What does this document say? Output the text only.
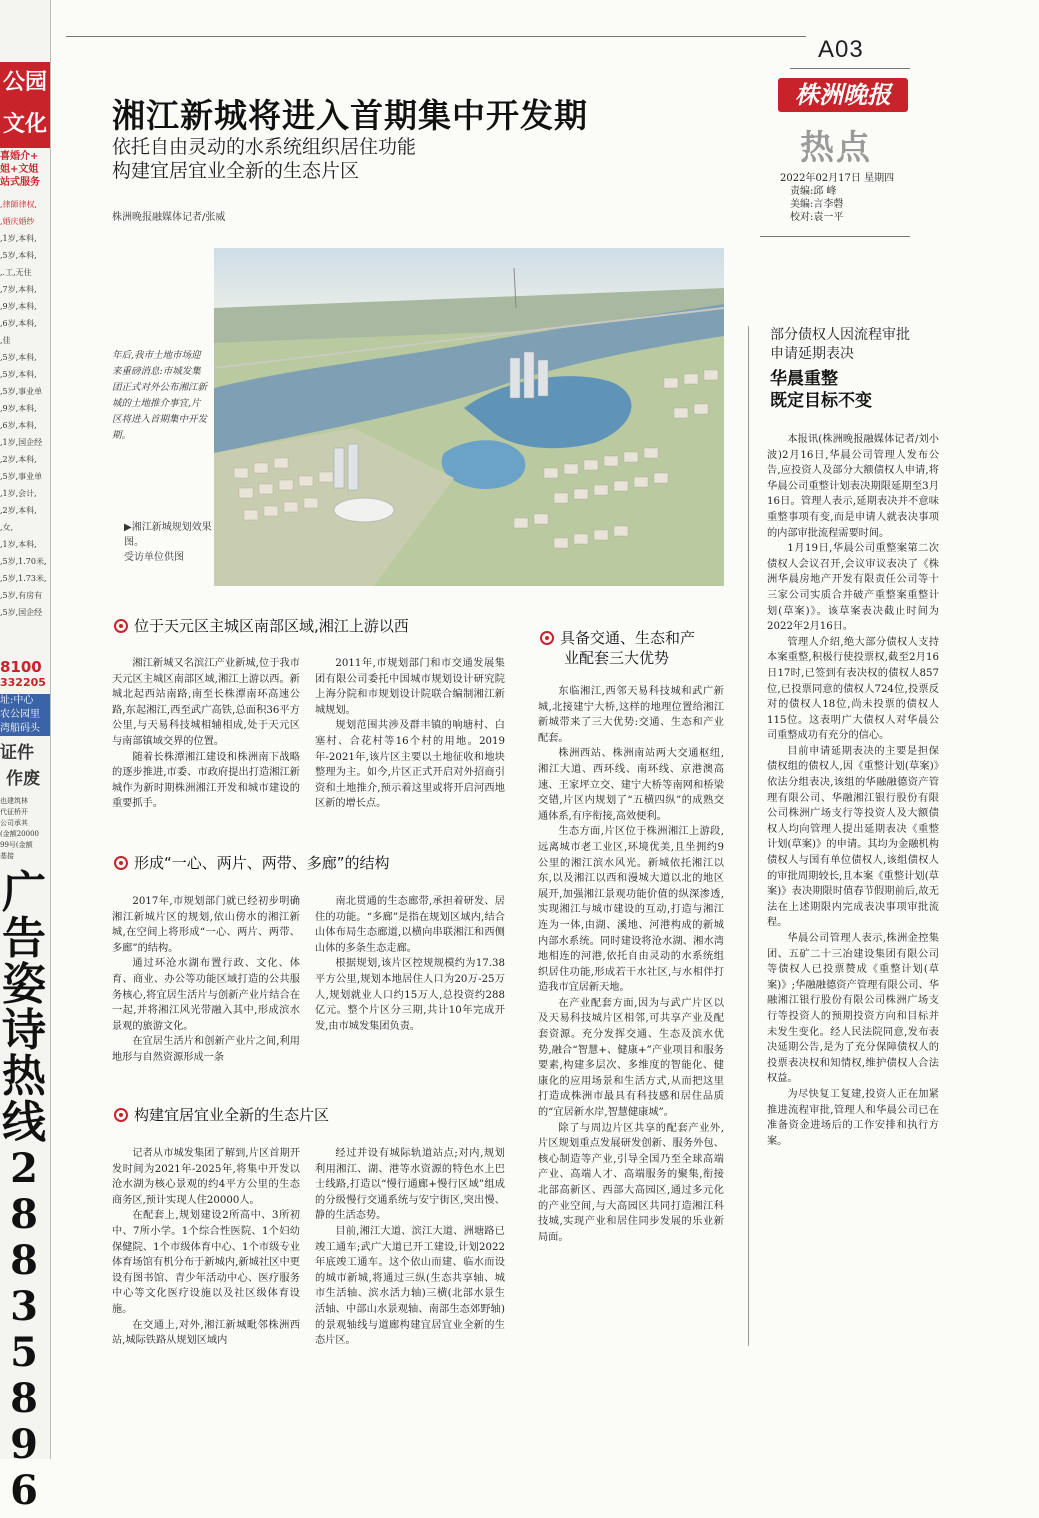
公园文化
喜婚介+
姐+文姐
站式服务
8100
332205
址:中心
农公园里
湾船码头
证件
作废
,律師律权,
,婚庆婚纱
,1岁,本科,
,5岁,本科,
,.工,无住
,7岁,本科,
,9岁,本科,
,6岁,本科,
,佳
,5岁,本科,
,5岁,本科,
,5岁,事业单
,9岁,本科,
,6岁,本科,
,1岁,国企经
,2岁,本科,
,5岁,事业单
,1岁,会计,
,2岁,本科,
,女,
,1岁,本科,
,5岁,1.70米,
,5岁,1.73米,
,5岁,有房有
,5岁,国企经
也建筑林
代征桥开
公司承其
(金额20000
99号(金额
基接
广
告
姿
诗
热
线
2
8
8
3
5
8
9
6
A03
株洲晚报
热点
2022年02月17日 星期四
责编:邱 峰
美编:言李磬
校对:袁一平
湘江新城将进入首期集中开发期
依托自由灵动的水系统组织居住功能
构建宜居宜业全新的生态片区
株洲晚报融媒体记者/张威
年后,我市土地市场迎来重磅消息:市城发集团正式对外公布湘江新城的土地推介事宜,片区将进入首期集中开发期。
▶湘江新城规划效果图。
受访单位供图
位于天元区主城区南部区域,湘江上游以西

湘江新城又名滨江产业新城,位于我市天元区主城区南部区域,湘江上游以西。新城北起西站南路,南至长株潭南环高速公路,东起湘江,西至武广高铁,总面积36平方公里,与天易科技城相辅相成,处于天元区与南部镇域交界的位置。

随着长株潭湘江建设和株洲南下战略的逐步推进,市委、市政府提出打造湘江新城作为新时期株洲湘江开发和城市建设的重要抓手。

2011年,市规划部门和市交通发展集团有限公司委托中国城市规划设计研究院上海分院和市规划设计院联合编制湘江新城规划。

规划范围共涉及群丰镇的响塘村、白塞村、合花村等16个村的用地。2019年-2021年,该片区主要以土地征收和地块整理为主。如今,片区正式开启对外招商引资和土地推介,预示着这里或将开启河西地区新的增长点。

形成“一心、两片、两带、多廊”的结构

2017年,市规划部门就已经初步明确湘江新城片区的规划,依山傍水的湘江新城,在空间上将形成“一心、两片、两带、多廊”的结构。

通过环沧水湖布置行政、文化、体育、商业、办公等功能区域打造的公共服务核心,将宜居生活片与创新产业片结合在一起,并将湘江风光带融入其中,形成滨水景观的旅游文化。

在宜居生活片和创新产业片之间,利用地形与自然资源形成一条

南北贯通的生态廊带,承担着研发、居住的功能。“多廊”是指在规划区域内,结合山体布局生态廊道,以横向串联湘江和西侧山体的多条生态走廊。

根据规划,该片区控规规模约为17.38平方公里,规划本地居住人口为20万-25万人,规划就业人口约15万人,总投资约288亿元。整个片区分三期,共计10年完成开发,由市城发集团负责。

构建宜居宜业全新的生态片区

记者从市城发集团了解到,片区首期开发时间为2021年-2025年,将集中开发以沧水湖为核心景观的约4平方公里的生态商务区,预计实现人住20000人。

在配套上,规划建设2所高中、3所初中、7所小学。1个综合性医院、1个妇幼保健院、1个市级体育中心、1个市级专业体育场馆有机分布于新城内,新城社区中更设有图书馆、青少年活动中心、医疗服务中心等文化医疗设施以及社区级体育设施。

在交通上,对外,湘江新城毗邻株洲西站,城际铁路从规划区域内

经过并设有城际轨道站点;对内,规划利用湘江、湖、港等水资源的特色水上巴士线路,打造以“慢行通廊+慢行区域”组成的分级慢行交通系统与安宁街区,突出慢、静的生活态势。

目前,湘江大道、滨江大道、洲塘路已竣工通车;武广大道已开工建设,计划2022年底竣工通车。这个依山而建、临水而设的城市新城,将通过三纵(生态共享轴、城市生活轴、滨水活力轴)三横(北部水景生活轴、中部山水景观轴、南部生态郊野轴)的景观轴线与道廊构建宜居宜业全新的生态片区。

具备交通、生态和产
业配套三大优势

东临湘江,西邻天易科技城和武广新城,北接建宁大桥,这样的地理位置给湘江新城带来了三大优势:交通、生态和产业配套。

株洲西站、株洲南站两大交通枢纽,湘江大道、西环线、南环线、京港澳高速、王家坪立交、建宁大桥等南网和桥梁交错,片区内规划了“五横四纵”的成熟交通体系,有序衔接,高效便利。

生态方面,片区位于株洲湘江上游段,远离城市老工业区,环境优美,且坐拥约9公里的湘江滨水风光。新城依托湘江以东,以及湘江以西和漫城大道以北的地区展开,加强湘江景观功能价值的纵深渗透,实现湘江与城市建设的互动,打造与湘江连为一体,由湖、溪地、河港构成的新城内部水系统。同时建设将沧水湖、湘水湾地相连的河港,依托自由灵动的水系统组织居住功能,形成若干水社区,与水相伴打造我市宜居新天地。

在产业配套方面,因为与武广片区以及天易科技城片区相邻,可共享产业及配套资源。充分发挥交通、生态及滨水优势,融合“智慧+、健康+”产业项目和服务要素,构建多层次、多维度的智能化、健康化的应用场景和生活方式,从而把这里打造成株洲市最具有科技感和居住品质的“宜居新水岸,智慧健康城”。

除了与周边片区共享的配套产业外,片区规划重点发展研发创新、服务外包、核心制造等产业,引导全国乃至全球高端产业、高端人才、高端服务的聚集,衔接北部高新区、西部大高园区,通过多元化的产业空间,与大高园区共同打造湘江科技城,实现产业和居住同步发展的乐业新局面。

部分债权人因流程审批
申请延期表决
华晨重整
既定目标不变

本报讯(株洲晚报融媒体记者/刘小波)2月16日,华晨公司管理人发布公告,应投资人及部分大额债权人申请,将华晨公司重整计划表决期限延期至3月16日。管理人表示,延期表决并不意味重整事项有变,而是申请人就表决事项的内部审批流程需要时间。

1月19日,华晨公司重整案第二次债权人会议召开,会议审议表决了《株洲华晨房地产开发有限责任公司等十三家公司实质合并破产重整案重整计划(草案)》。该草案表决截止时间为2022年2月16日。

管理人介绍,绝大部分债权人支持本案重整,积极行使投票权,截至2月16日17时,已签到有表决权的债权人857位,已投票同意的债权人724位,投票反对的债权人18位,尚未投票的债权人115位。这表明广大债权人对华晨公司重整成功有充分的信心。

目前申请延期表决的主要是担保债权组的债权人,因《重整计划(草案)》依法分组表决,该组的华融融德资产管理有限公司、华融湘江银行股份有限公司株洲广场支行等投资人及大额债权人均向管理人提出延期表决《重整计划(草案)》的申请。其均为金融机构债权人与国有单位债权人,该组债权人的审批周期较长,且本案《重整计划(草案)》表决期限时值春节假期前后,故无法在上述期限内完成表决事项审批流程。

华晨公司管理人表示,株洲金控集团、五矿二十三冶建设集团有限公司等债权人已投票赞成《重整计划(草案)》;华融融德资产管理有限公司、华融湘江银行股份有限公司株洲广场支行等投资人的预期投资方向和目标并未发生变化。经人民法院同意,发布表决延期公告,是为了充分保障债权人的投票表决权和知情权,维护债权人合法权益。

为尽快复工复建,投资人正在加紧推进流程审批,管理人和华晨公司已在准备资金进场后的工作安排和执行方案。
